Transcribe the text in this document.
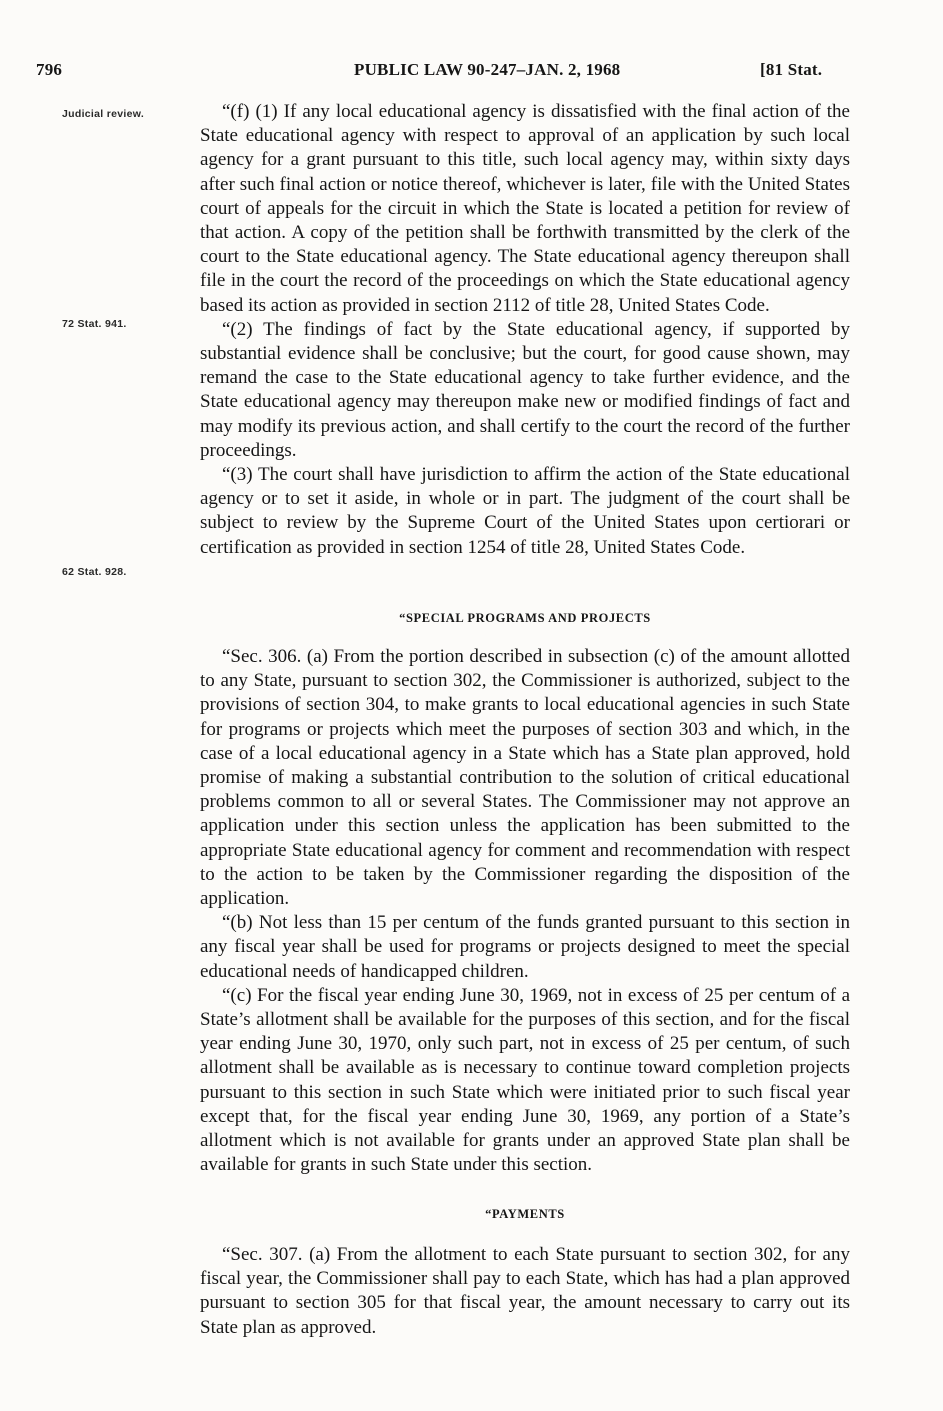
796	PUBLIC LAW 90-247–JAN. 2, 1968	[81 Stat.
Judicial review.
72 Stat. 941.
62 Stat. 928.

“(f) (1) If any local educational agency is dissatisfied with the final action of the State educational agency with respect to approval of an application by such local agency for a grant pursuant to this title, such local agency may, within sixty days after such final action or notice thereof, whichever is later, file with the United States court of appeals for the circuit in which the State is located a petition for review of that action. A copy of the petition shall be forthwith transmitted by the clerk of the court to the State educational agency. The State educational agency thereupon shall file in the court the record of the proceedings on which the State educational agency based its action as provided in section 2112 of title 28, United States Code.

“(2) The findings of fact by the State educational agency, if supported by substantial evidence shall be conclusive; but the court, for good cause shown, may remand the case to the State educational agency to take further evidence, and the State educational agency may thereupon make new or modified findings of fact and may modify its previous action, and shall certify to the court the record of the further proceedings.

“(3) The court shall have jurisdiction to affirm the action of the State educational agency or to set it aside, in whole or in part. The judgment of the court shall be subject to review by the Supreme Court of the United States upon certiorari or certification as provided in section 1254 of title 28, United States Code.

“SPECIAL PROGRAMS AND PROJECTS

“Sec. 306. (a) From the portion described in subsection (c) of the amount allotted to any State, pursuant to section 302, the Commissioner is authorized, subject to the provisions of section 304, to make grants to local educational agencies in such State for programs or projects which meet the purposes of section 303 and which, in the case of a local educational agency in a State which has a State plan approved, hold promise of making a substantial contribution to the solution of critical educational problems common to all or several States. The Commissioner may not approve an application under this section unless the application has been submitted to the appropriate State educational agency for comment and recommendation with respect to the action to be taken by the Commissioner regarding the disposition of the application.

“(b) Not less than 15 per centum of the funds granted pursuant to this section in any fiscal year shall be used for programs or projects designed to meet the special educational needs of handicapped children.

“(c) For the fiscal year ending June 30, 1969, not in excess of 25 per centum of a State’s allotment shall be available for the purposes of this section, and for the fiscal year ending June 30, 1970, only such part, not in excess of 25 per centum, of such allotment shall be available as is necessary to continue toward completion projects pursuant to this section in such State which were initiated prior to such fiscal year except that, for the fiscal year ending June 30, 1969, any portion of a State’s allotment which is not available for grants under an approved State plan shall be available for grants in such State under this section.

“PAYMENTS

“Sec. 307. (a) From the allotment to each State pursuant to section 302, for any fiscal year, the Commissioner shall pay to each State, which has had a plan approved pursuant to section 305 for that fiscal year, the amount necessary to carry out its State plan as approved.
